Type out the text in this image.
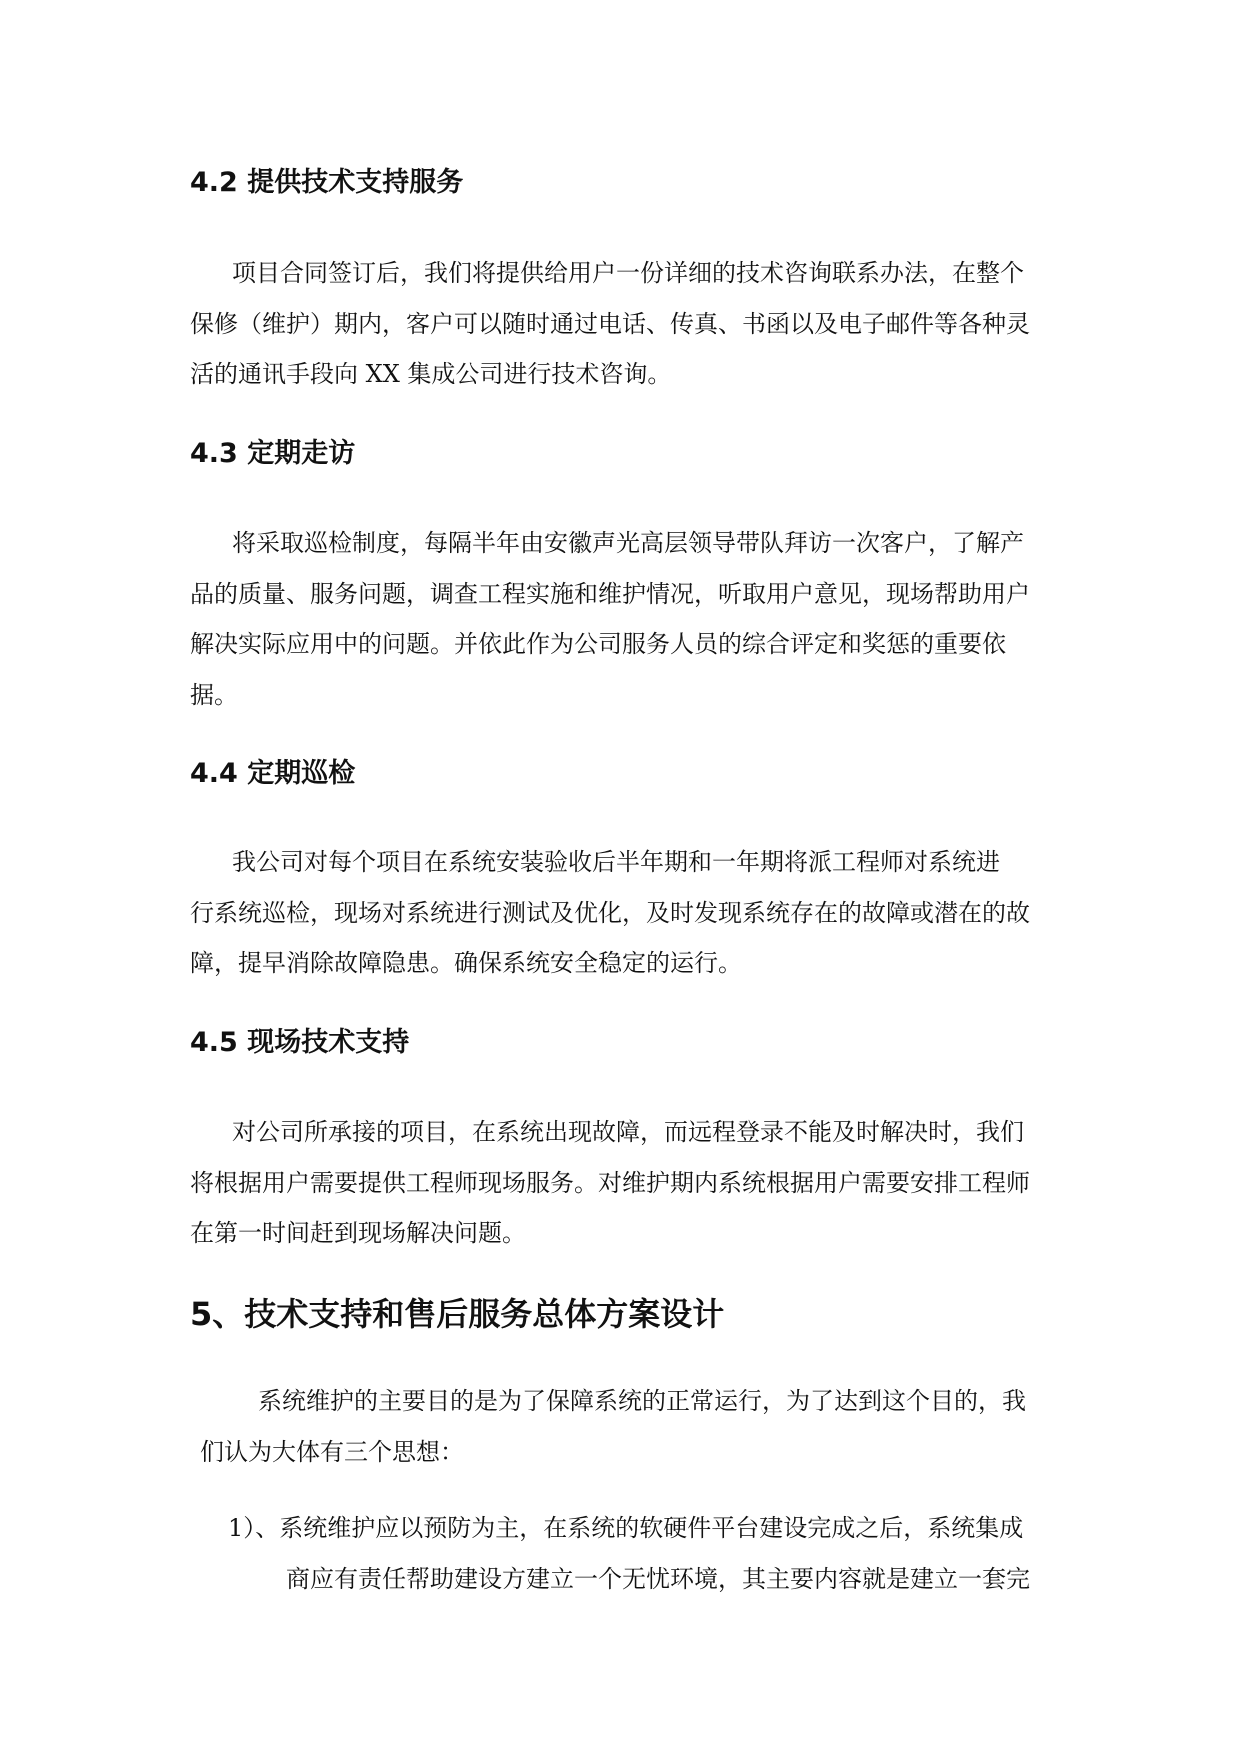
4.2 提供技术支持服务
项目合同签订后，我们将提供给用户一份详细的技术咨询联系办法，在整个
保修（维护）期内，客户可以随时通过电话、传真、书函以及电子邮件等各种灵
活的通讯手段向 XX 集成公司进行技术咨询。
4.3 定期走访
将采取巡检制度，每隔半年由安徽声光高层领导带队拜访一次客户，了解产
品的质量、服务问题，调查工程实施和维护情况，听取用户意见，现场帮助用户
解决实际应用中的问题。并依此作为公司服务人员的综合评定和奖惩的重要依
据。
4.4 定期巡检
我公司对每个项目在系统安装验收后半年期和一年期将派工程师对系统进
行系统巡检，现场对系统进行测试及优化，及时发现系统存在的故障或潜在的故
障，提早消除故障隐患。确保系统安全稳定的运行。
4.5 现场技术支持
对公司所承接的项目，在系统出现故障，而远程登录不能及时解决时，我们
将根据用户需要提供工程师现场服务。对维护期内系统根据用户需要安排工程师
在第一时间赶到现场解决问题。
5、技术支持和售后服务总体方案设计
系统维护的主要目的是为了保障系统的正常运行，为了达到这个目的，我
们认为大体有三个思想：
1）、系统维护应以预防为主，在系统的软硬件平台建设完成之后，系统集成
商应有责任帮助建设方建立一个无忧环境，其主要内容就是建立一套完
